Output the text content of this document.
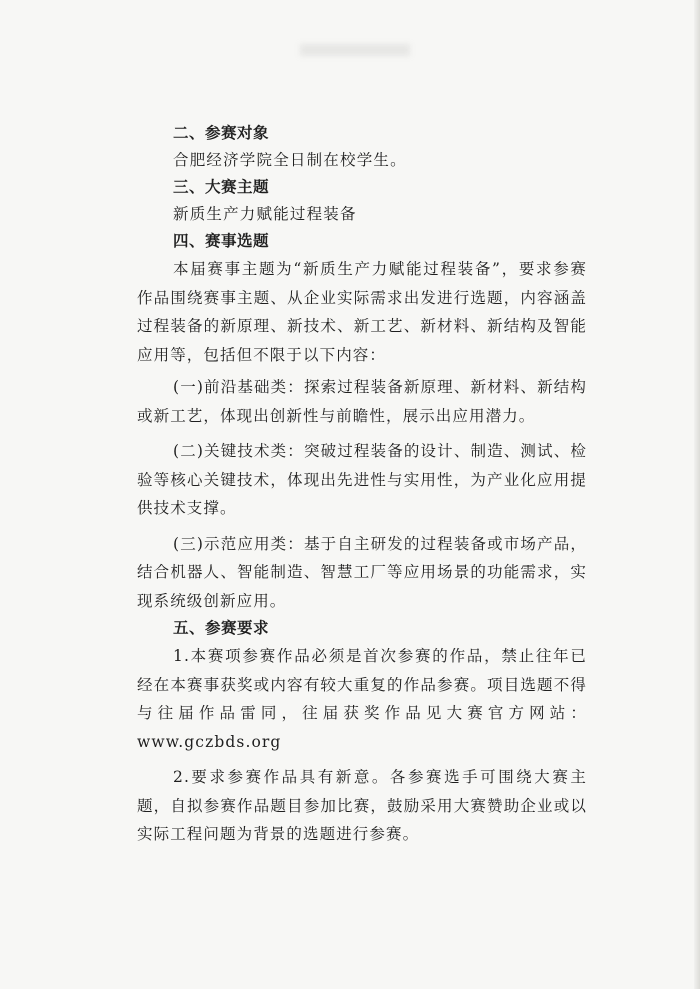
二、参赛对象
合肥经济学院全日制在校学生。
三、大赛主题
新质生产力赋能过程装备
四、赛事选题
本届赛事主题为“新质生产力赋能过程装备”，要求参赛作品围绕赛事主题、从企业实际需求出发进行选题，内容涵盖过程装备的新原理、新技术、新工艺、新材料、新结构及智能应用等，包括但不限于以下内容：
(一)前沿基础类：探索过程装备新原理、新材料、新结构或新工艺，体现出创新性与前瞻性，展示出应用潜力。
(二)关键技术类：突破过程装备的设计、制造、测试、检验等核心关键技术，体现出先进性与实用性，为产业化应用提供技术支撑。
(三)示范应用类：基于自主研发的过程装备或市场产品，结合机器人、智能制造、智慧工厂等应用场景的功能需求，实现系统级创新应用。
五、参赛要求
1.本赛项参赛作品必须是首次参赛的作品，禁止往年已经在本赛事获奖或内容有较大重复的作品参赛。项目选题不得与往届作品雷同，往届获奖作品见大赛官方网站：www.gczbds.org
2.要求参赛作品具有新意。各参赛选手可围绕大赛主题，自拟参赛作品题目参加比赛，鼓励采用大赛赞助企业或以实际工程问题为背景的选题进行参赛。
